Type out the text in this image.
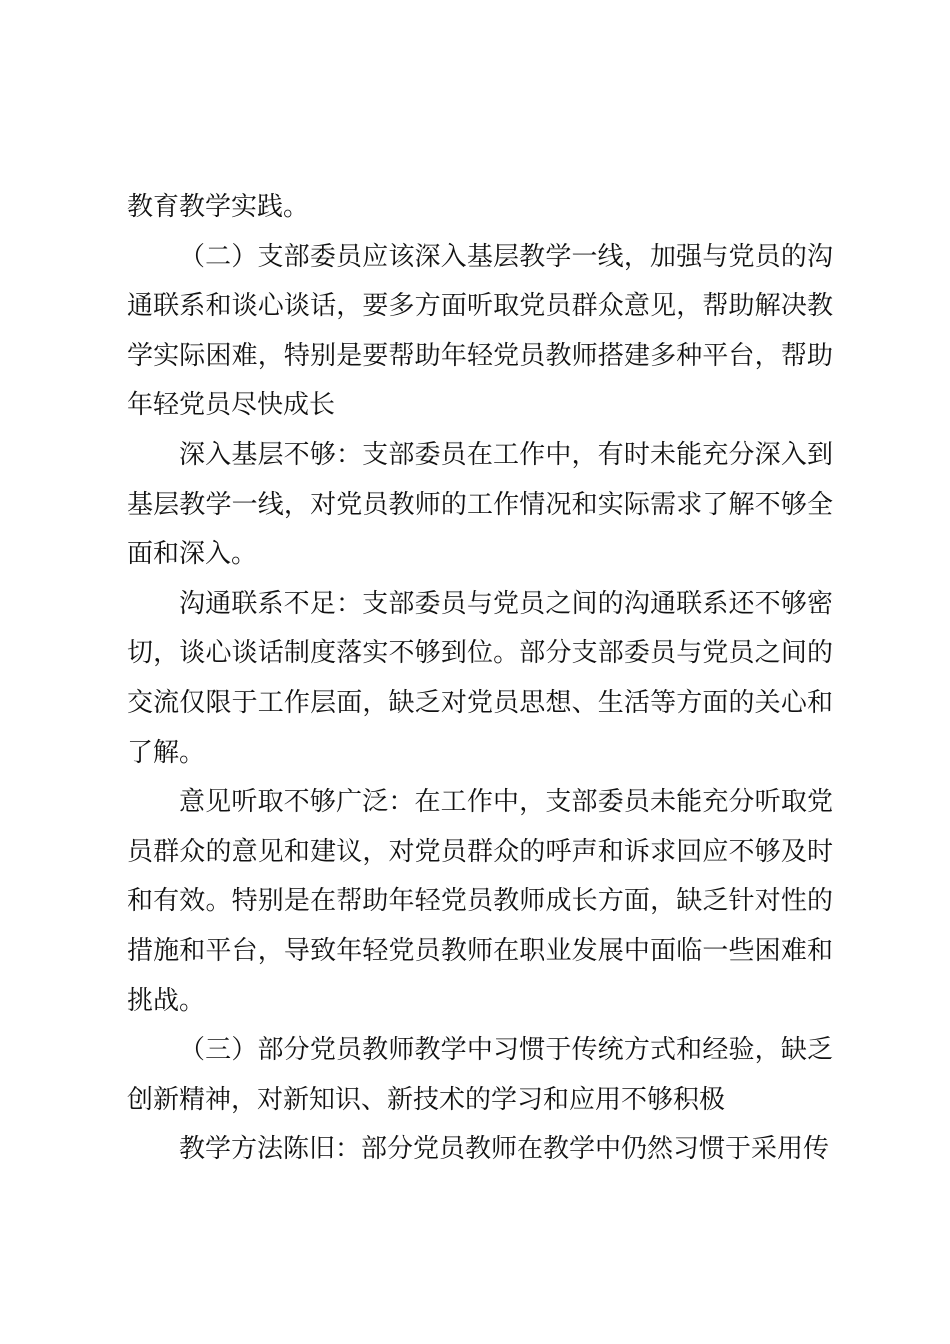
教育教学实践。

（二）支部委员应该深入基层教学一线，加强与党员的沟通联系和谈心谈话，要多方面听取党员群众意见，帮助解决教学实际困难，特别是要帮助年轻党员教师搭建多种平台，帮助年轻党员尽快成长

深入基层不够：支部委员在工作中，有时未能充分深入到基层教学一线，对党员教师的工作情况和实际需求了解不够全面和深入。

沟通联系不足：支部委员与党员之间的沟通联系还不够密切，谈心谈话制度落实不够到位。部分支部委员与党员之间的交流仅限于工作层面，缺乏对党员思想、生活等方面的关心和了解。

意见听取不够广泛：在工作中，支部委员未能充分听取党员群众的意见和建议，对党员群众的呼声和诉求回应不够及时和有效。特别是在帮助年轻党员教师成长方面，缺乏针对性的措施和平台，导致年轻党员教师在职业发展中面临一些困难和挑战。

（三）部分党员教师教学中习惯于传统方式和经验，缺乏创新精神，对新知识、新技术的学习和应用不够积极

教学方法陈旧：部分党员教师在教学中仍然习惯于采用传
